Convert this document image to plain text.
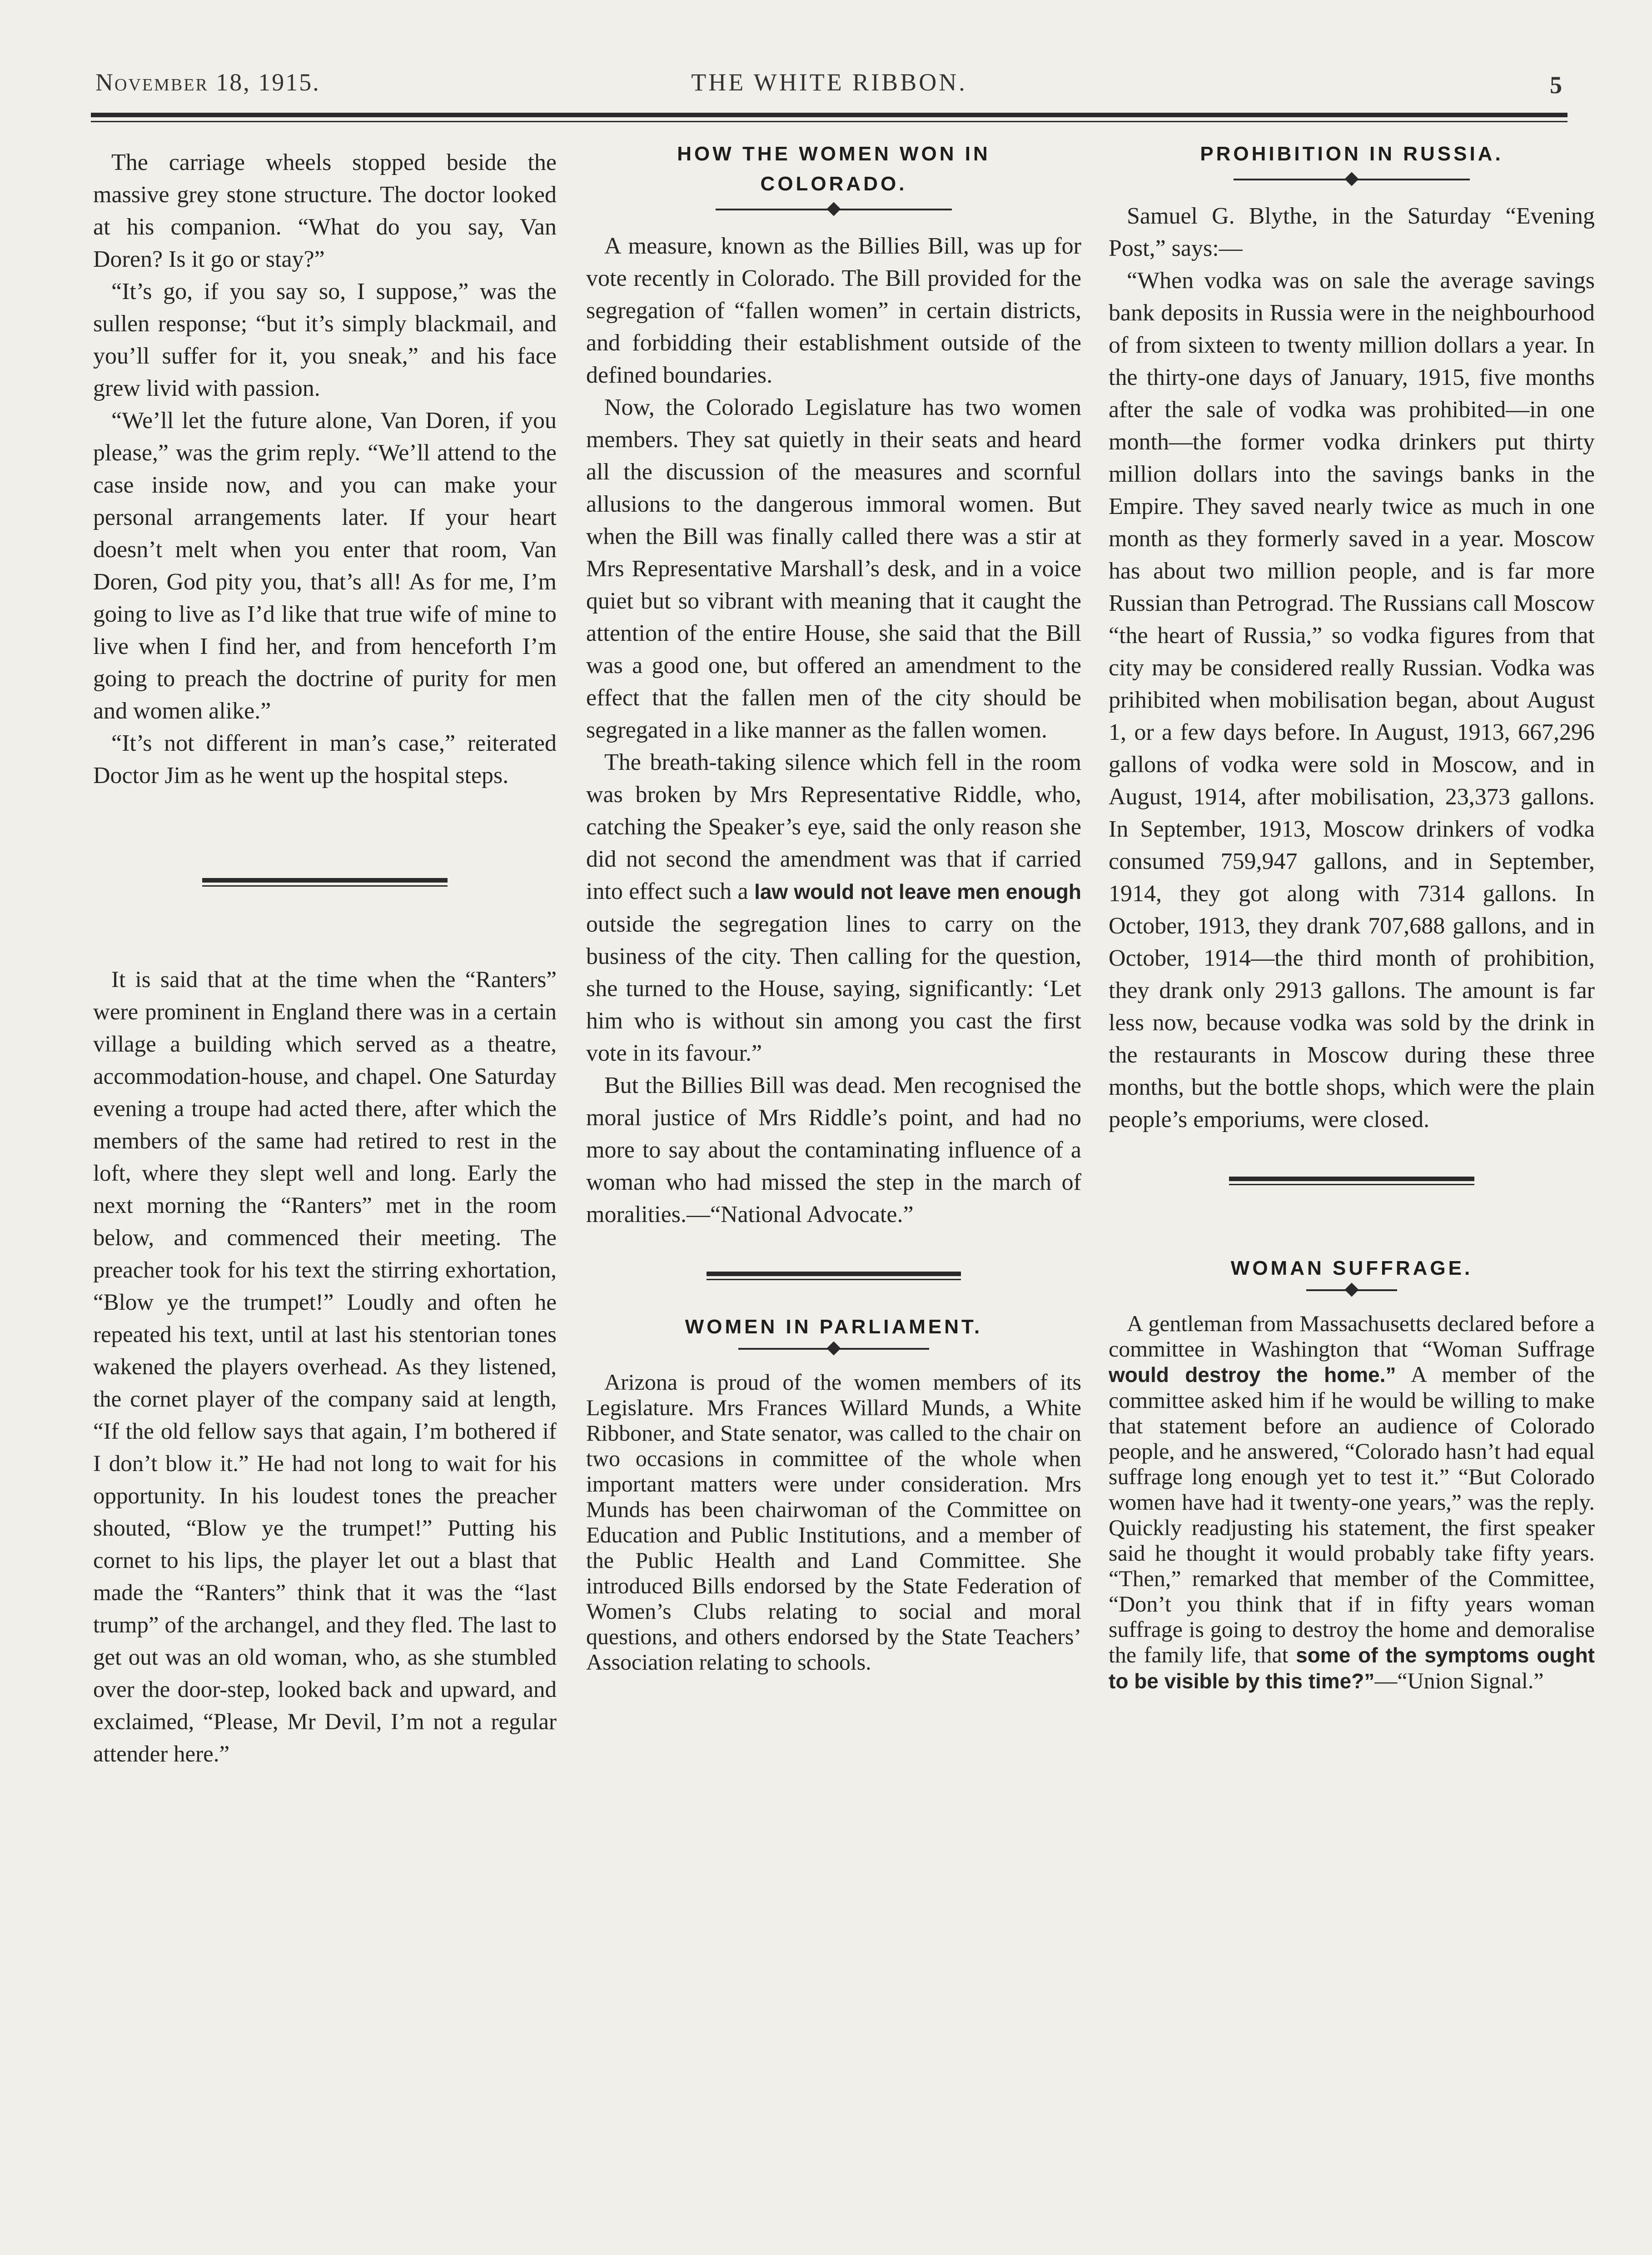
November 18, 1915.	THE WHITE RIBBON.	5

The carriage wheels stopped beside the massive grey stone structure. The doctor looked at his companion. “What do you say, Van Doren? Is it go or stay?”

“It’s go, if you say so, I suppose,” was the sullen response; “but it’s simply blackmail, and you’ll suffer for it, you sneak,” and his face grew livid with passion.

“We’ll let the future alone, Van Doren, if you please,” was the grim reply. “We’ll attend to the case inside now, and you can make your personal arrangements later. If your heart doesn’t melt when you enter that room, Van Doren, God pity you, that’s all! As for me, I’m going to live as I’d like that true wife of mine to live when I find her, and from henceforth I’m going to preach the doctrine of purity for men and women alike.”

“It’s not different in man’s case,” reiterated Doctor Jim as he went up the hospital steps.

It is said that at the time when the “Ranters” were prominent in England there was in a certain village a building which served as a theatre, accommodation-house, and chapel. One Saturday evening a troupe had acted there, after which the members of the same had retired to rest in the loft, where they slept well and long. Early the next morning the “Ranters” met in the room below, and commenced their meeting. The preacher took for his text the stirring exhortation, “Blow ye the trumpet!” Loudly and often he repeated his text, until at last his stentorian tones wakened the players overhead. As they listened, the cornet player of the company said at length, “If the old fellow says that again, I’m bothered if I don’t blow it.” He had not long to wait for his opportunity. In his loudest tones the preacher shouted, “Blow ye the trumpet!” Putting his cornet to his lips, the player let out a blast that made the “Ranters” think that it was the “last trump” of the archangel, and they fled. The last to get out was an old woman, who, as she stumbled over the door-step, looked back and upward, and exclaimed, “Please, Mr Devil, I’m not a regular attender here.”

HOW THE WOMEN WON IN COLORADO.

A measure, known as the Billies Bill, was up for vote recently in Colorado. The Bill provided for the segregation of “fallen women” in certain districts, and forbidding their establishment outside of the defined boundaries.

Now, the Colorado Legislature has two women members. They sat quietly in their seats and heard all the discussion of the measures and scornful allusions to the dangerous immoral women. But when the Bill was finally called there was a stir at Mrs Representative Marshall’s desk, and in a voice quiet but so vibrant with meaning that it caught the attention of the entire House, she said that the Bill was a good one, but offered an amendment to the effect that the fallen men of the city should be segregated in a like manner as the fallen women.

The breath-taking silence which fell in the room was broken by Mrs Representative Riddle, who, catching the Speaker’s eye, said the only reason she did not second the amendment was that if carried into effect such a law would not leave men enough outside the segregation lines to carry on the business of the city. Then calling for the question, she turned to the House, saying, significantly: ‘Let him who is without sin among you cast the first vote in its favour.”

But the Billies Bill was dead. Men recognised the moral justice of Mrs Riddle’s point, and had no more to say about the contaminating influence of a woman who had missed the step in the march of moralities.—“National Advocate.”

WOMEN IN PARLIAMENT.

Arizona is proud of the women members of its Legislature. Mrs Frances Willard Munds, a White Ribboner, and State senator, was called to the chair on two occasions in committee of the whole when important matters were under consideration. Mrs Munds has been chairwoman of the Committee on Education and Public Institutions, and a member of the Public Health and Land Committee. She introduced Bills endorsed by the State Federation of Women’s Clubs relating to social and moral questions, and others endorsed by the State Teachers’ Association relating to schools.

PROHIBITION IN RUSSIA.

Samuel G. Blythe, in the Saturday “Evening Post,” says:—

“When vodka was on sale the average savings bank deposits in Russia were in the neighbourhood of from sixteen to twenty million dollars a year. In the thirty-one days of January, 1915, five months after the sale of vodka was prohibited—in one month—the former vodka drinkers put thirty million dollars into the savings banks in the Empire. They saved nearly twice as much in one month as they formerly saved in a year. Moscow has about two million people, and is far more Russian than Petrograd. The Russians call Moscow “the heart of Russia,” so vodka figures from that city may be considered really Russian. Vodka was prihibited when mobilisation began, about August 1, or a few days before. In August, 1913, 667,296 gallons of vodka were sold in Moscow, and in August, 1914, after mobilisation, 23,373 gallons. In September, 1913, Moscow drinkers of vodka consumed 759,947 gallons, and in September, 1914, they got along with 7314 gallons. In October, 1913, they drank 707,688 gallons, and in October, 1914—the third month of prohibition, they drank only 2913 gallons. The amount is far less now, because vodka was sold by the drink in the restaurants in Moscow during these three months, but the bottle shops, which were the plain people’s emporiums, were closed.

WOMAN SUFFRAGE.

A gentleman from Massachusetts declared before a committee in Washington that “Woman Suffrage would destroy the home.” A member of the committee asked him if he would be willing to make that statement before an audience of Colorado people, and he answered, “Colorado hasn’t had equal suffrage long enough yet to test it.” “But Colorado women have had it twenty-one years,” was the reply. Quickly readjusting his statement, the first speaker said he thought it would probably take fifty years. “Then,” remarked that member of the Committee, “Don’t you think that if in fifty years woman suffrage is going to destroy the home and demoralise the family life, that some of the symptoms ought to be visible by this time?”—“Union Signal.”
